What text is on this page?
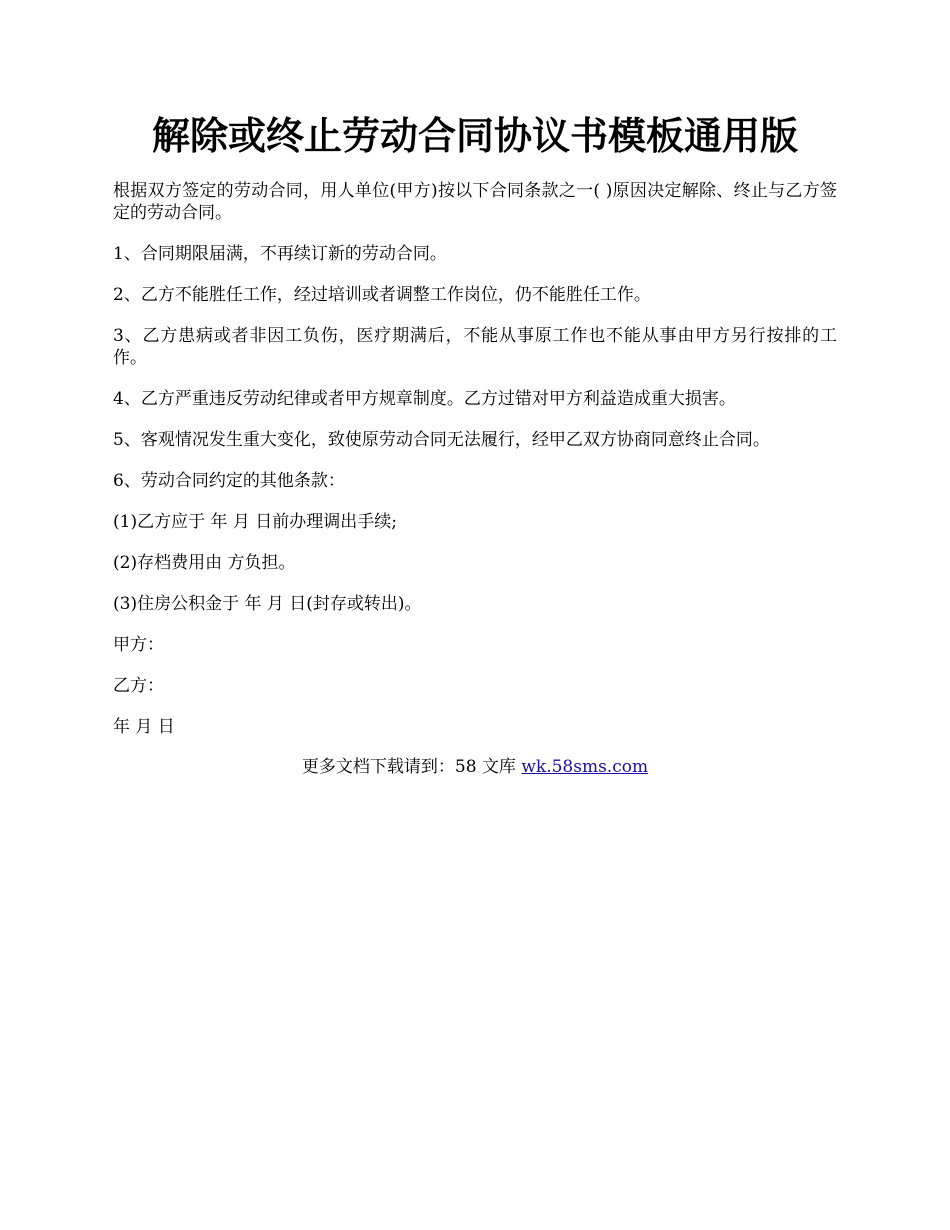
解除或终止劳动合同协议书模板通用版

根据双方签定的劳动合同，用人单位(甲方)按以下合同条款之一( )原因决定解除、终止与乙方签定的劳动合同。

1、合同期限届满，不再续订新的劳动合同。

2、乙方不能胜任工作，经过培训或者调整工作岗位，仍不能胜任工作。

3、乙方患病或者非因工负伤，医疗期满后，不能从事原工作也不能从事由甲方另行按排的工作。

4、乙方严重违反劳动纪律或者甲方规章制度。乙方过错对甲方利益造成重大损害。

5、客观情况发生重大变化，致使原劳动合同无法履行，经甲乙双方协商同意终止合同。

6、劳动合同约定的其他条款：

(1)乙方应于 年 月 日前办理调出手续;

(2)存档费用由 方负担。

(3)住房公积金于 年 月 日(封存或转出)。

甲方：

乙方：

年 月 日

更多文档下载请到：58 文库 wk.58sms.com
